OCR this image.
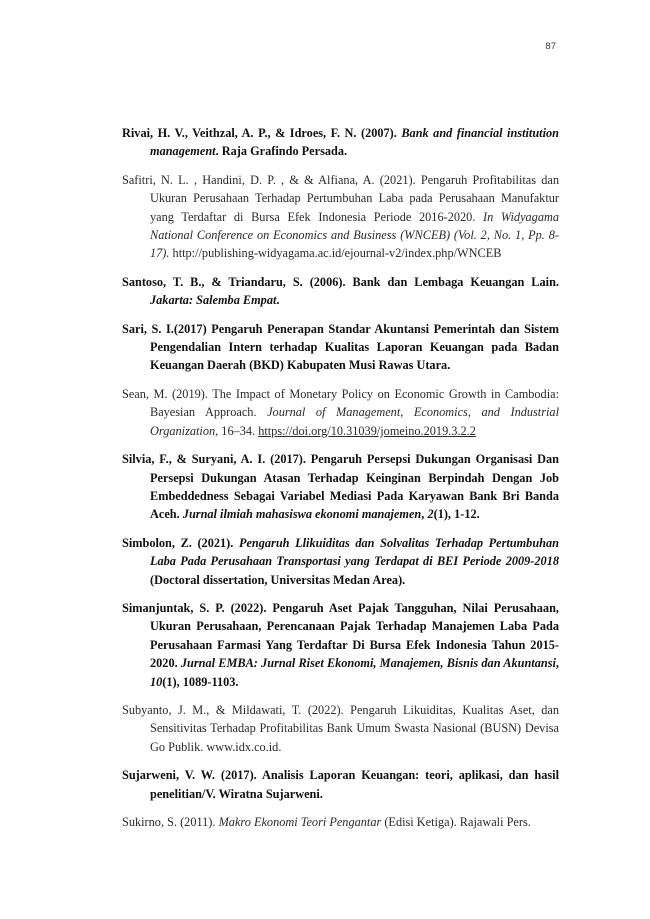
87

Rivai, H. V., Veithzal, A. P., & Idroes, F. N. (2007). Bank and financial institution management. Raja Grafindo Persada.

Safitri, N. L. , Handini, D. P. , & & Alfiana, A. (2021). Pengaruh Profitabilitas dan Ukuran Perusahaan Terhadap Pertumbuhan Laba pada Perusahaan Manufaktur yang Terdaftar di Bursa Efek Indonesia Periode 2016-2020. In Widyagama National Conference on Economics and Business (WNCEB) (Vol. 2, No. 1, Pp. 8-17). http://publishing-widyagama.ac.id/ejournal-v2/index.php/WNCEB

Santoso, T. B., & Triandaru, S. (2006). Bank dan Lembaga Keuangan Lain. Jakarta: Salemba Empat.

Sari, S. I.(2017) Pengaruh Penerapan Standar Akuntansi Pemerintah dan Sistem Pengendalian Intern terhadap Kualitas Laporan Keuangan pada Badan Keuangan Daerah (BKD) Kabupaten Musi Rawas Utara.

Sean, M. (2019). The Impact of Monetary Policy on Economic Growth in Cambodia: Bayesian Approach. Journal of Management, Economics, and Industrial Organization, 16–34. https://doi.org/10.31039/jomeino.2019.3.2.2

Silvia, F., & Suryani, A. I. (2017). Pengaruh Persepsi Dukungan Organisasi Dan Persepsi Dukungan Atasan Terhadap Keinginan Berpindah Dengan Job Embeddedness Sebagai Variabel Mediasi Pada Karyawan Bank Bri Banda Aceh. Jurnal ilmiah mahasiswa ekonomi manajemen, 2(1), 1-12.

Simbolon, Z. (2021). Pengaruh Llikuiditas dan Solvalitas Terhadap Pertumbuhan Laba Pada Perusahaan Transportasi yang Terdapat di BEI Periode 2009-2018 (Doctoral dissertation, Universitas Medan Area).

Simanjuntak, S. P. (2022). Pengaruh Aset Pajak Tangguhan, Nilai Perusahaan, Ukuran Perusahaan, Perencanaan Pajak Terhadap Manajemen Laba Pada Perusahaan Farmasi Yang Terdaftar Di Bursa Efek Indonesia Tahun 2015-2020. Jurnal EMBA: Jurnal Riset Ekonomi, Manajemen, Bisnis dan Akuntansi, 10(1), 1089-1103.

Subyanto, J. M., & Mildawati, T. (2022). Pengaruh Likuiditas, Kualitas Aset, dan Sensitivitas Terhadap Profitabilitas Bank Umum Swasta Nasional (BUSN) Devisa Go Publik. www.idx.co.id.

Sujarweni, V. W. (2017). Analisis Laporan Keuangan: teori, aplikasi, dan hasil penelitian/V. Wiratna Sujarweni.

Sukirno, S. (2011). Makro Ekonomi Teori Pengantar (Edisi Ketiga). Rajawali Pers.
